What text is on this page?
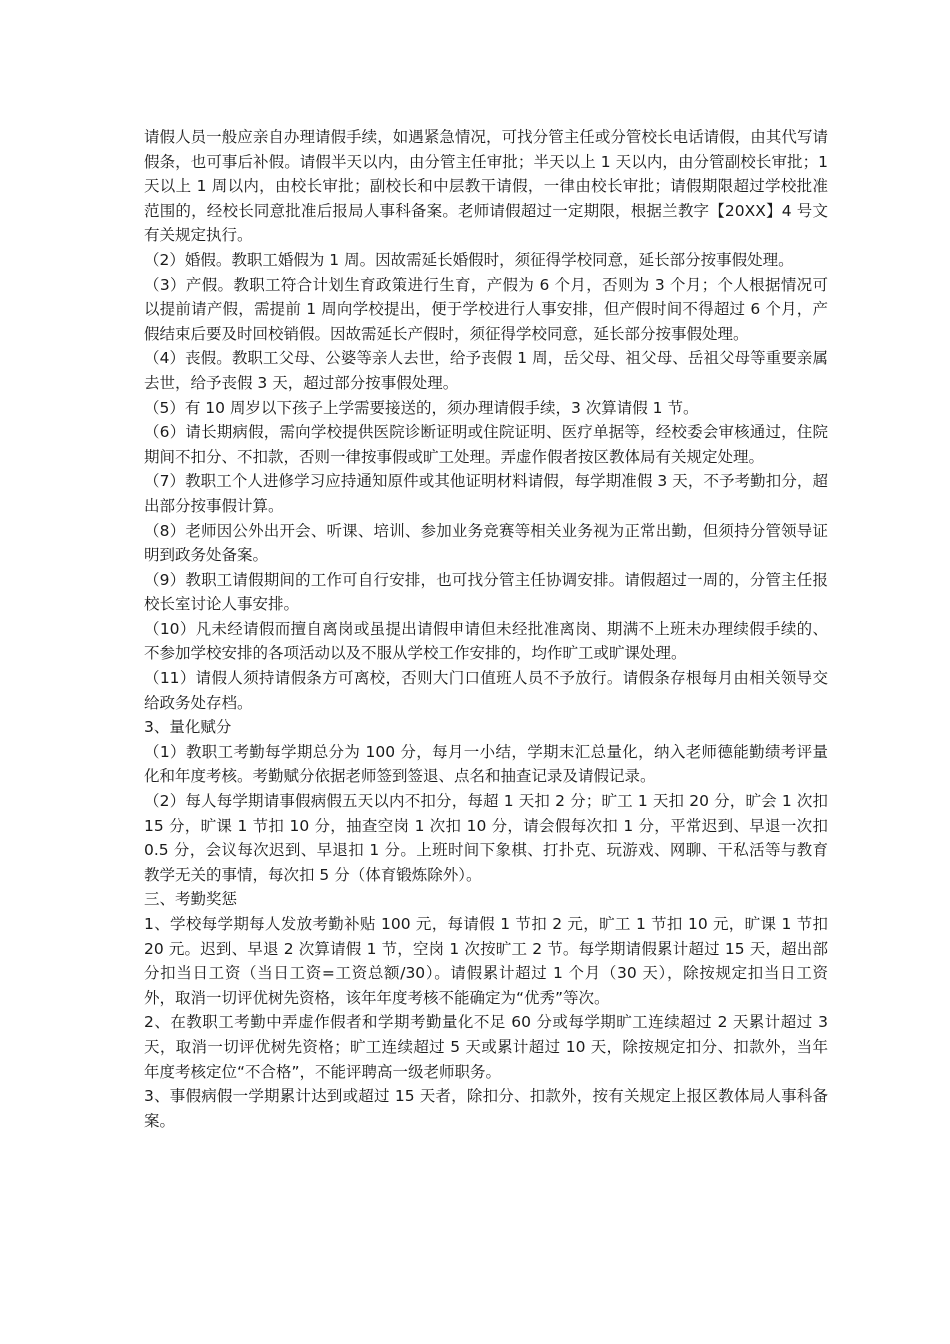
请假人员一般应亲自办理请假手续，如遇紧急情况，可找分管主任或分管校长电话请假，由其代写请假条，也可事后补假。请假半天以内，由分管主任审批；半天以上 1 天以内，由分管副校长审批；1 天以上 1 周以内，由校长审批；副校长和中层教干请假，一律由校长审批；请假期限超过学校批准范围的，经校长同意批准后报局人事科备案。老师请假超过一定期限，根据兰教字【20XX】4 号文有关规定执行。

（2）婚假。教职工婚假为 1 周。因故需延长婚假时，须征得学校同意，延长部分按事假处理。

（3）产假。教职工符合计划生育政策进行生育，产假为 6 个月，否则为 3 个月；个人根据情况可以提前请产假，需提前 1 周向学校提出，便于学校进行人事安排，但产假时间不得超过 6 个月，产假结束后要及时回校销假。因故需延长产假时，须征得学校同意，延长部分按事假处理。

（4）丧假。教职工父母、公婆等亲人去世，给予丧假 1 周，岳父母、祖父母、岳祖父母等重要亲属去世，给予丧假 3 天，超过部分按事假处理。

（5）有 10 周岁以下孩子上学需要接送的，须办理请假手续，3 次算请假 1 节。

（6）请长期病假，需向学校提供医院诊断证明或住院证明、医疗单据等，经校委会审核通过，住院期间不扣分、不扣款，否则一律按事假或旷工处理。弄虚作假者按区教体局有关规定处理。

（7）教职工个人进修学习应持通知原件或其他证明材料请假，每学期准假 3 天，不予考勤扣分，超出部分按事假计算。

（8）老师因公外出开会、听课、培训、参加业务竞赛等相关业务视为正常出勤，但须持分管领导证明到政务处备案。

（9）教职工请假期间的工作可自行安排，也可找分管主任协调安排。请假超过一周的，分管主任报校长室讨论人事安排。

（10）凡未经请假而擅自离岗或虽提出请假申请但未经批准离岗、期满不上班未办理续假手续的、不参加学校安排的各项活动以及不服从学校工作安排的，均作旷工或旷课处理。

（11）请假人须持请假条方可离校，否则大门口值班人员不予放行。请假条存根每月由相关领导交给政务处存档。

3、量化赋分

（1）教职工考勤每学期总分为 100 分，每月一小结，学期末汇总量化，纳入老师德能勤绩考评量化和年度考核。考勤赋分依据老师签到签退、点名和抽查记录及请假记录。

（2）每人每学期请事假病假五天以内不扣分，每超 1 天扣 2 分；旷工 1 天扣 20 分，旷会 1 次扣 15 分，旷课 1 节扣 10 分，抽查空岗 1 次扣 10 分，请会假每次扣 1 分，平常迟到、早退一次扣 0.5 分，会议每次迟到、早退扣 1 分。上班时间下象棋、打扑克、玩游戏、网聊、干私活等与教育教学无关的事情，每次扣 5 分（体育锻炼除外）。

三、考勤奖惩

1、学校每学期每人发放考勤补贴 100 元，每请假 1 节扣 2 元，旷工 1 节扣 10 元，旷课 1 节扣 20 元。迟到、早退 2 次算请假 1 节，空岗 1 次按旷工 2 节。每学期请假累计超过 15 天，超出部分扣当日工资（当日工资=工资总额/30）。请假累计超过 1 个月（30 天），除按规定扣当日工资外，取消一切评优树先资格，该年年度考核不能确定为“优秀”等次。

2、在教职工考勤中弄虚作假者和学期考勤量化不足 60 分或每学期旷工连续超过 2 天累计超过 3 天，取消一切评优树先资格；旷工连续超过 5 天或累计超过 10 天，除按规定扣分、扣款外，当年年度考核定位“不合格”，不能评聘高一级老师职务。

3、事假病假一学期累计达到或超过 15 天者，除扣分、扣款外，按有关规定上报区教体局人事科备案。
